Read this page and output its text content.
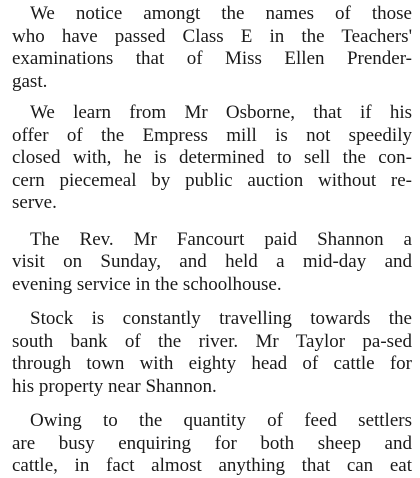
We notice amongt the names of those
who have passed Class E in the Teachers'
examinations that of Miss Ellen Prender-
gast.

We learn from Mr Osborne, that if his
offer of the Empress mill is not speedily
closed with, he is determined to sell the con-
cern piecemeal by public auction without re-
serve.

The Rev. Mr Fancourt paid Shannon a
visit on Sunday, and held a mid-day and
evening service in the schoolhouse.

Stock is constantly travelling towards the
south bank of the river. Mr Taylor pa-sed
through town with eighty head of cattle for
his property near Shannon.

Owing to the quantity of feed settlers
are busy enquiring for both sheep and
cattle, in fact almost anything that can eat
